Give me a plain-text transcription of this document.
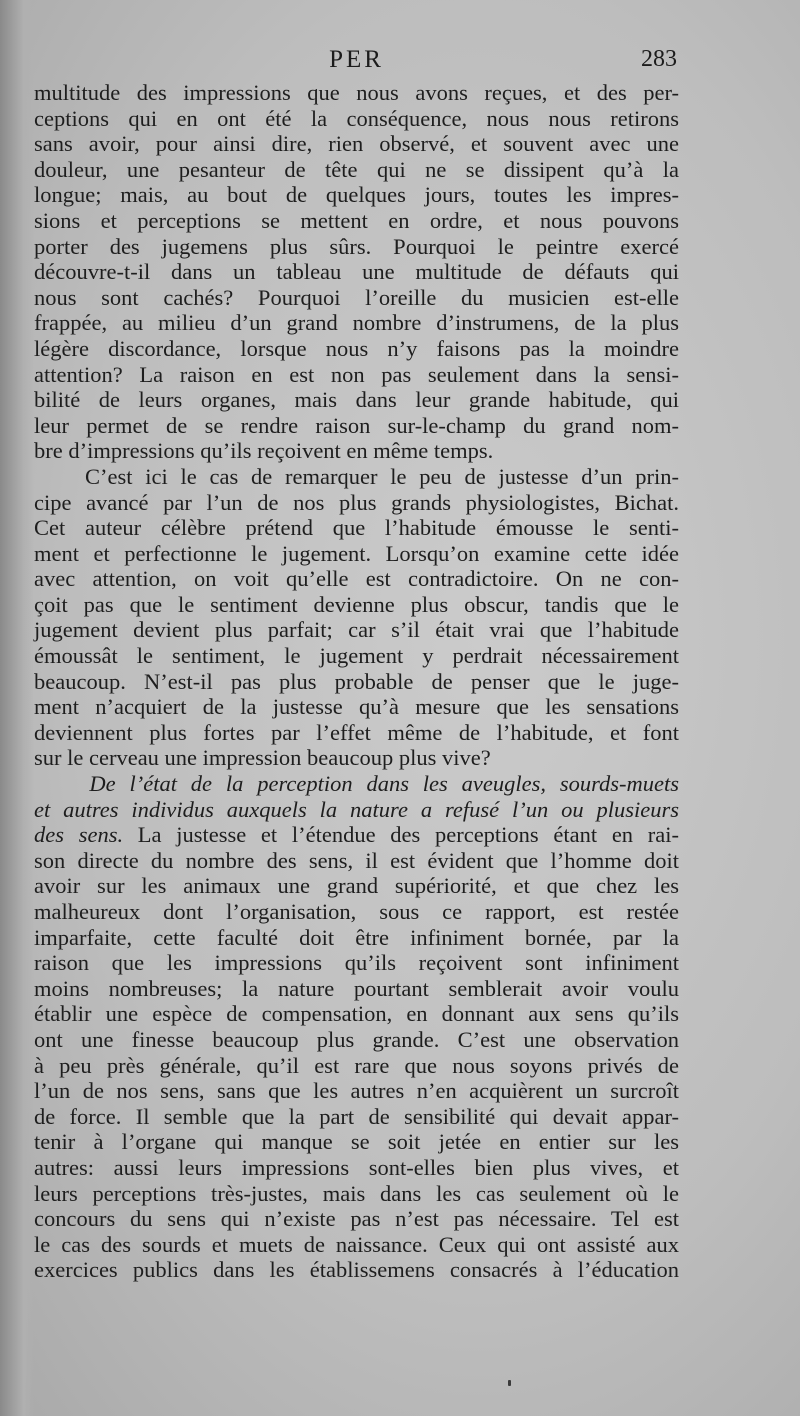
PER	283
multitude des impressions que nous avons reçues, et des per-
ceptions qui en ont été la conséquence, nous nous retirons
sans avoir, pour ainsi dire, rien observé, et souvent avec une
douleur, une pesanteur de tête qui ne se dissipent qu’à la
longue; mais, au bout de quelques jours, toutes les impres-
sions et perceptions se mettent en ordre, et nous pouvons
porter des jugemens plus sûrs. Pourquoi le peintre exercé
découvre-t-il dans un tableau une multitude de défauts qui
nous sont cachés? Pourquoi l’oreille du musicien est-elle
frappée, au milieu d’un grand nombre d’instrumens, de la plus
légère discordance, lorsque nous n’y faisons pas la moindre
attention? La raison en est non pas seulement dans la sensi-
bilité de leurs organes, mais dans leur grande habitude, qui
leur permet de se rendre raison sur-le-champ du grand nom-
bre d’impressions qu’ils reçoivent en même temps.
C’est ici le cas de remarquer le peu de justesse d’un prin-
cipe avancé par l’un de nos plus grands physiologistes, Bichat.
Cet auteur célèbre prétend que l’habitude émousse le senti-
ment et perfectionne le jugement. Lorsqu’on examine cette idée
avec attention, on voit qu’elle est contradictoire. On ne con-
çoit pas que le sentiment devienne plus obscur, tandis que le
jugement devient plus parfait; car s’il était vrai que l’habitude
émoussât le sentiment, le jugement y perdrait nécessairement
beaucoup. N’est-il pas plus probable de penser que le juge-
ment n’acquiert de la justesse qu’à mesure que les sensations
deviennent plus fortes par l’effet même de l’habitude, et font
sur le cerveau une impression beaucoup plus vive?
De l’état de la perception dans les aveugles, sourds-muets
et autres individus auxquels la nature a refusé l’un ou plusieurs
des sens. La justesse et l’étendue des perceptions étant en rai-
son directe du nombre des sens, il est évident que l’homme doit
avoir sur les animaux une grand supériorité, et que chez les
malheureux dont l’organisation, sous ce rapport, est restée
imparfaite, cette faculté doit être infiniment bornée, par la
raison que les impressions qu’ils reçoivent sont infiniment
moins nombreuses; la nature pourtant semblerait avoir voulu
établir une espèce de compensation, en donnant aux sens qu’ils
ont une finesse beaucoup plus grande. C’est une observation
à peu près générale, qu’il est rare que nous soyons privés de
l’un de nos sens, sans que les autres n’en acquièrent un surcroît
de force. Il semble que la part de sensibilité qui devait appar-
tenir à l’organe qui manque se soit jetée en entier sur les
autres: aussi leurs impressions sont-elles bien plus vives, et
leurs perceptions très-justes, mais dans les cas seulement où le
concours du sens qui n’existe pas n’est pas nécessaire. Tel est
le cas des sourds et muets de naissance. Ceux qui ont assisté aux
exercices publics dans les établissemens consacrés à l’éducation
